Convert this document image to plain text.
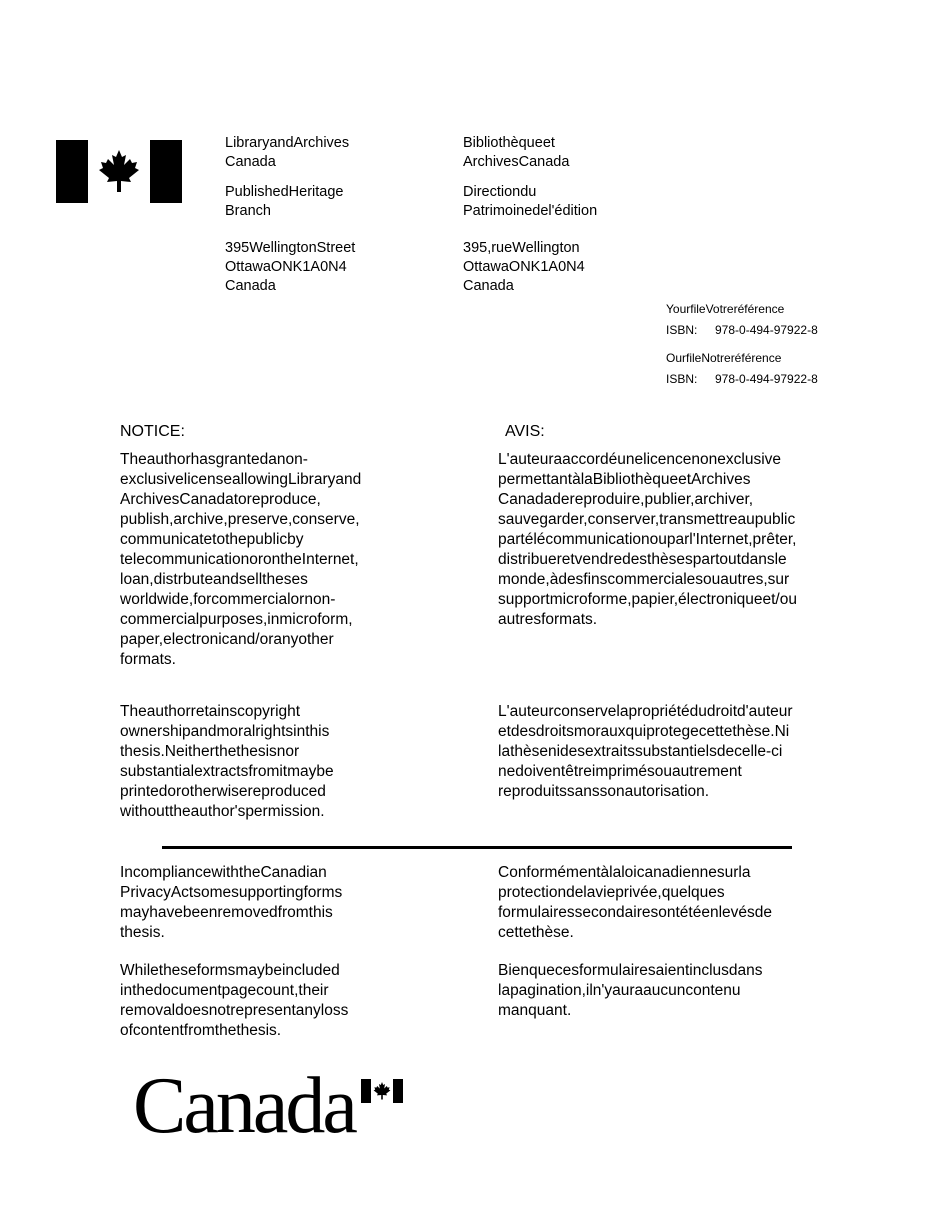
LibraryandArchives
Canada
PublishedHeritage
Branch
395WellingtonStreet
OttawaONK1A0N4
Canada
Bibliothèqueet
ArchivesCanada
Directiondu
Patrimoinedel'édition
395,rueWellington
OttawaONK1A0N4
Canada
YourfileVotreréférence
ISBN: 978-0-494-97922-8
OurfileNotreréférence
ISBN: 978-0-494-97922-8
NOTICE:	AVIS:
Theauthorhasgrantedanon-
exclusivelicenseallowingLibraryand
ArchivesCanadatoreproduce,
publish,archive,preserve,conserve,
communicatetothepublicby
telecommunicationorontheInternet,
loan,distrbuteandselltheses
worldwide,forcommercialornon-
commercialpurposes,inmicroform,
paper,electronicand/oranyother
formats.
L'auteuraaccordéunelicencenonexclusive
permettantàlaBibliothèqueetArchives
Canadadereproduire,publier,archiver,
sauvegarder,conserver,transmettreaupublic
partélécommunicationouparl'Internet,prêter,
distribueretvendredesthèsespartoutdansle
monde,àdesfinscommercialesouautres,sur
supportmicroforme,papier,électroniqueet/ou
autresformats.
Theauthorretainscopyright
ownershipandmoralrightsinthis
thesis.Neitherthethesisnor
substantialextractsfromitmaybe
printedorotherwisereproduced
withouttheauthor'spermission.
L'auteurconservelapropriétédudroitd'auteur
etdesdroitsmorauxquiprotegecettethèse.Ni
lathèsenidesextraitssubstantielsdecelle-ci
nedoiventêtreimprimésouautrement
reproduitssanssonautorisation.
IncompliancewiththeCanadian
PrivacyActsomesupportingforms
mayhavebeenremovedfromthis
thesis.
Conformémentàlaloicanadiennesurla
protectiondelavieprivée,quelques
formulairessecondairesontétéenlevésde
cettethèse.
Whiletheseformsmaybeincluded
inthedocumentpagecount,their
removaldoesnotrepresentanyloss
ofcontentfromthethesis.
Bienquecesformulairesaientinclusdans
lapagination,iln'yauraaucuncontenu
manquant.
Canada
